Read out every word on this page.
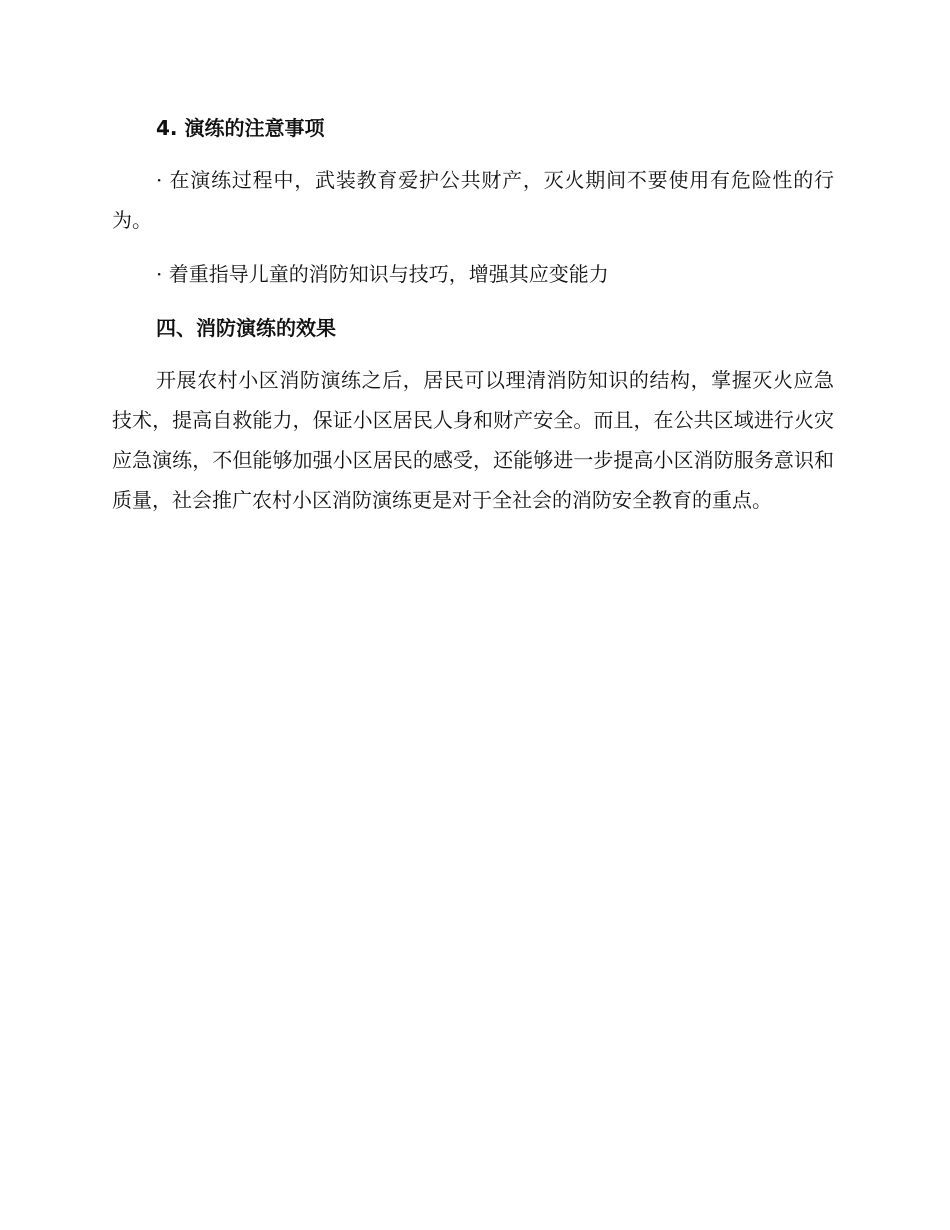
4. 演练的注意事项

· 在演练过程中，武装教育爱护公共财产，灭火期间不要使用有危险性的行为。

· 着重指导儿童的消防知识与技巧，增强其应变能力

四、消防演练的效果

开展农村小区消防演练之后，居民可以理清消防知识的结构，掌握灭火应急技术，提高自救能力，保证小区居民人身和财产安全。而且，在公共区域进行火灾应急演练，不但能够加强小区居民的感受，还能够进一步提高小区消防服务意识和质量，社会推广农村小区消防演练更是对于全社会的消防安全教育的重点。
